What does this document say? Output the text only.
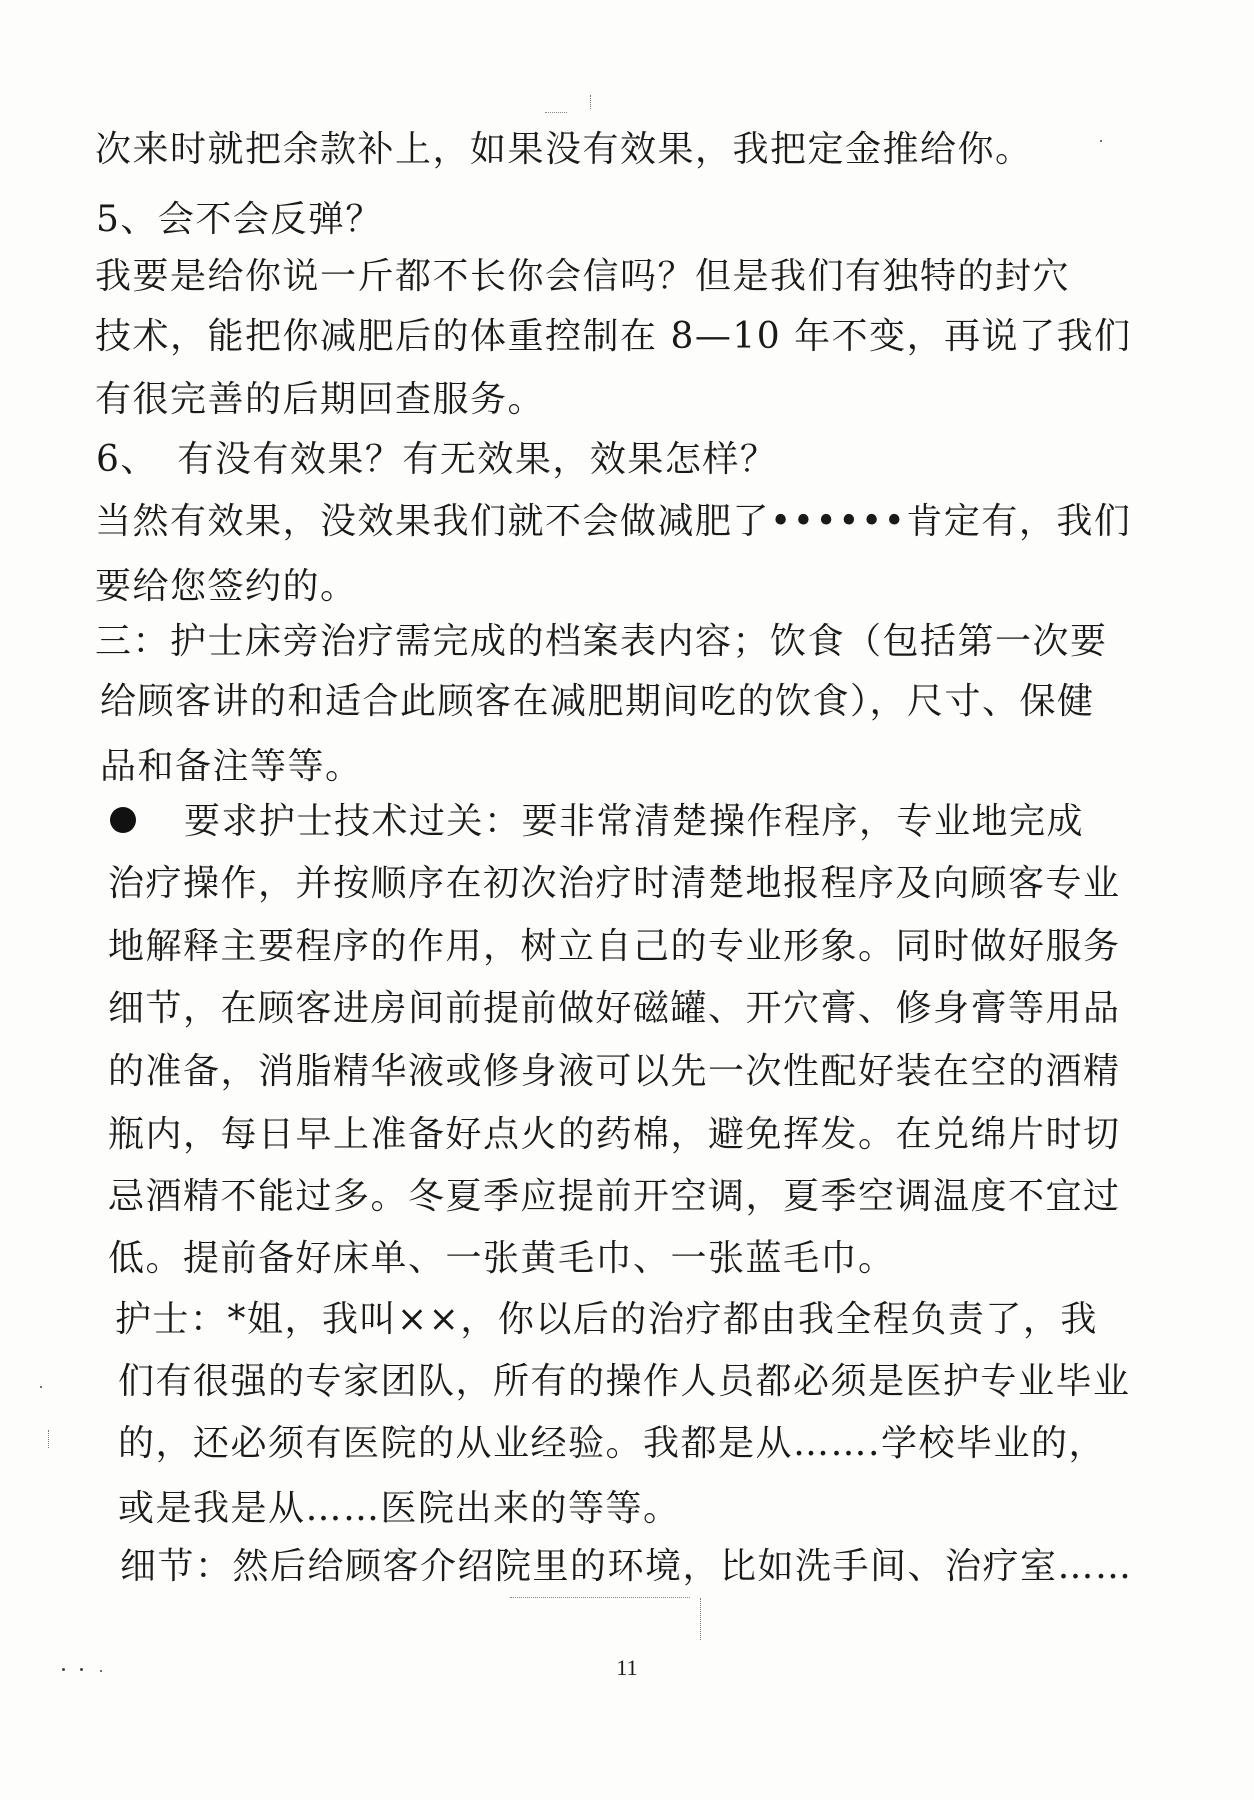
次来时就把余款补上，如果没有效果，我把定金推给你。
5、会不会反弹？
我要是给你说一斤都不长你会信吗？但是我们有独特的封穴
技术，能把你减肥后的体重控制在 8—10 年不变，再说了我们
有很完善的后期回查服务。
6、　有没有效果？有无效果，效果怎样？
当然有效果，没效果我们就不会做减肥了••••••肯定有，我们
要给您签约的。
三：护士床旁治疗需完成的档案表内容；饮食（包括第一次要
给顾客讲的和适合此顾客在减肥期间吃的饮食），尺寸、保健
品和备注等等。
要求护士技术过关：要非常清楚操作程序，专业地完成
治疗操作，并按顺序在初次治疗时清楚地报程序及向顾客专业
地解释主要程序的作用，树立自己的专业形象。同时做好服务
细节，在顾客进房间前提前做好磁罐、开穴膏、修身膏等用品
的准备，消脂精华液或修身液可以先一次性配好装在空的酒精
瓶内，每日早上准备好点火的药棉，避免挥发。在兑绵片时切
忌酒精不能过多。冬夏季应提前开空调，夏季空调温度不宜过
低。提前备好床单、一张黄毛巾、一张蓝毛巾。
护士：*姐，我叫××，你以后的治疗都由我全程负责了，我
们有很强的专家团队，所有的操作人员都必须是医护专业毕业
的，还必须有医院的从业经验。我都是从…….学校毕业的，
或是我是从……医院出来的等等。
细节：然后给顾客介绍院里的环境，比如洗手间、治疗室……
11
